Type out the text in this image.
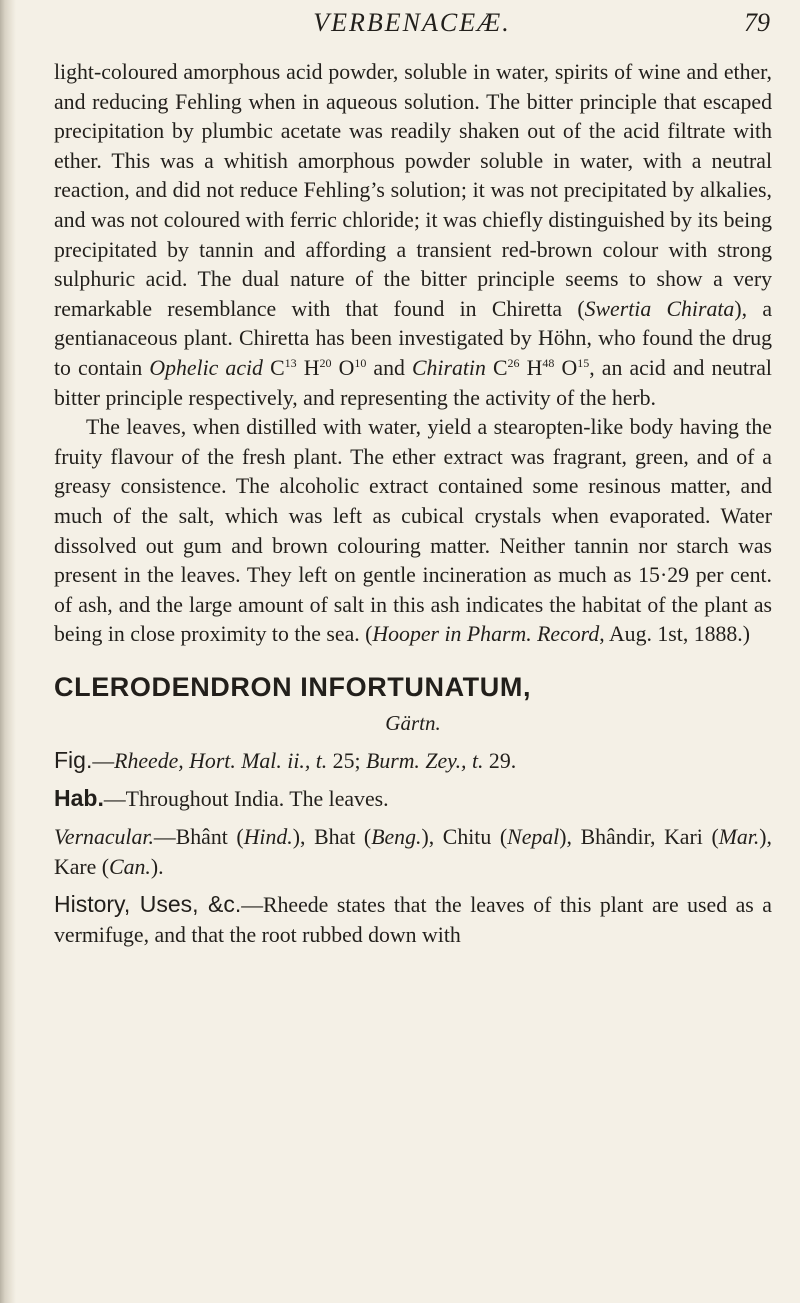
VERBENACEÆ.	79

light-coloured amorphous acid powder, soluble in water, spirits of wine and ether, and reducing Fehling when in aqueous solution. The bitter principle that escaped precipitation by plumbic acetate was readily shaken out of the acid filtrate with ether. This was a whitish amorphous powder soluble in water, with a neutral reaction, and did not reduce Fehling’s solution; it was not precipitated by alkalies, and was not coloured with ferric chloride; it was chiefly distinguished by its being precipitated by tannin and affording a transient red-brown colour with strong sulphuric acid. The dual nature of the bitter principle seems to show a very remarkable resemblance with that found in Chiretta (Swertia Chirata), a gentianaceous plant. Chiretta has been investigated by Höhn, who found the drug to contain Ophelic acid $C^{13}$ $H^{20}$ $O^{10}$ and Chiratin $C^{26}$ $H^{48}$ $O^{15}$, an acid and neutral bitter principle respectively, and representing the activity of the herb.

The leaves, when distilled with water, yield a stearopten-like body having the fruity flavour of the fresh plant. The ether extract was fragrant, green, and of a greasy consistence. The alcoholic extract contained some resinous matter, and much of the salt, which was left as cubical crystals when evaporated. Water dissolved out gum and brown colouring matter. Neither tannin nor starch was present in the leaves. They left on gentle incineration as much as 15·29 per cent. of ash, and the large amount of salt in this ash indicates the habitat of the plant as being in close proximity to the sea. (Hooper in Pharm. Record, Aug. 1st, 1888.)

CLERODENDRON INFORTUNATUM,
Gärtn.

Fig.—Rheede, Hort. Mal. ii., t. 25; Burm. Zey., t. 29.

Hab.—Throughout India. The leaves.

Vernacular.—Bhânt (Hind.), Bhat (Beng.), Chitu (Nepal), Bhândir, Kari (Mar.), Kare (Can.).

History, Uses, &c.—Rheede states that the leaves of this plant are used as a vermifuge, and that the root rubbed down with
